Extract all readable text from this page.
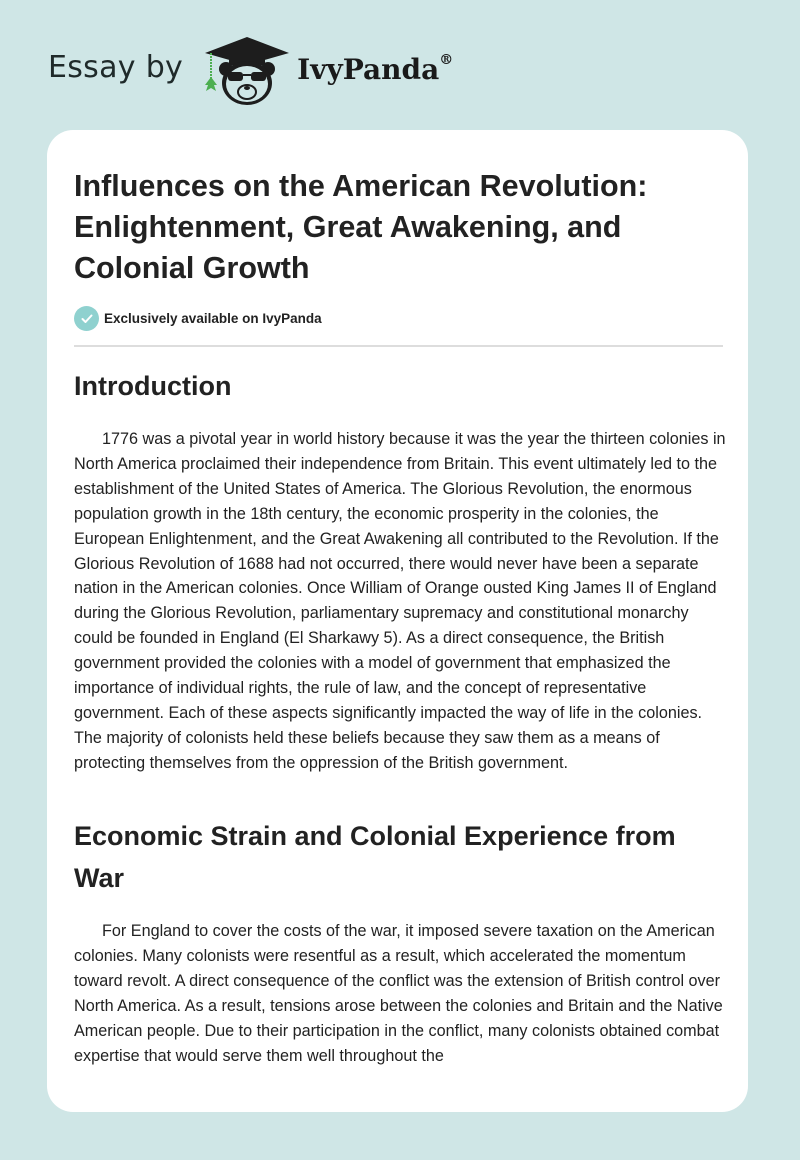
Essay by	IvyPanda®
Influences on the American Revolution: Enlightenment, Great Awakening, and Colonial Growth
Exclusively available on IvyPanda
Introduction

1776 was a pivotal year in world history because it was the year the thirteen colonies in North America proclaimed their independence from Britain. This event ultimately led to the establishment of the United States of America. The Glorious Revolution, the enormous population growth in the 18th century, the economic prosperity in the colonies, the European Enlightenment, and the Great Awakening all contributed to the Revolution. If the Glorious Revolution of 1688 had not occurred, there would never have been a separate nation in the American colonies. Once William of Orange ousted King James II of England during the Glorious Revolution, parliamentary supremacy and constitutional monarchy could be founded in England (El Sharkawy 5). As a direct consequence, the British government provided the colonies with a model of government that emphasized the importance of individual rights, the rule of law, and the concept of representative government. Each of these aspects significantly impacted the way of life in the colonies. The majority of colonists held these beliefs because they saw them as a means of protecting themselves from the oppression of the British government.

Economic Strain and Colonial Experience from War

For England to cover the costs of the war, it imposed severe taxation on the American colonies. Many colonists were resentful as a result, which accelerated the momentum toward revolt. A direct consequence of the conflict was the extension of British control over North America. As a result, tensions arose between the colonies and Britain and the Native American people. Due to their participation in the conflict, many colonists obtained combat expertise that would serve them well throughout the
